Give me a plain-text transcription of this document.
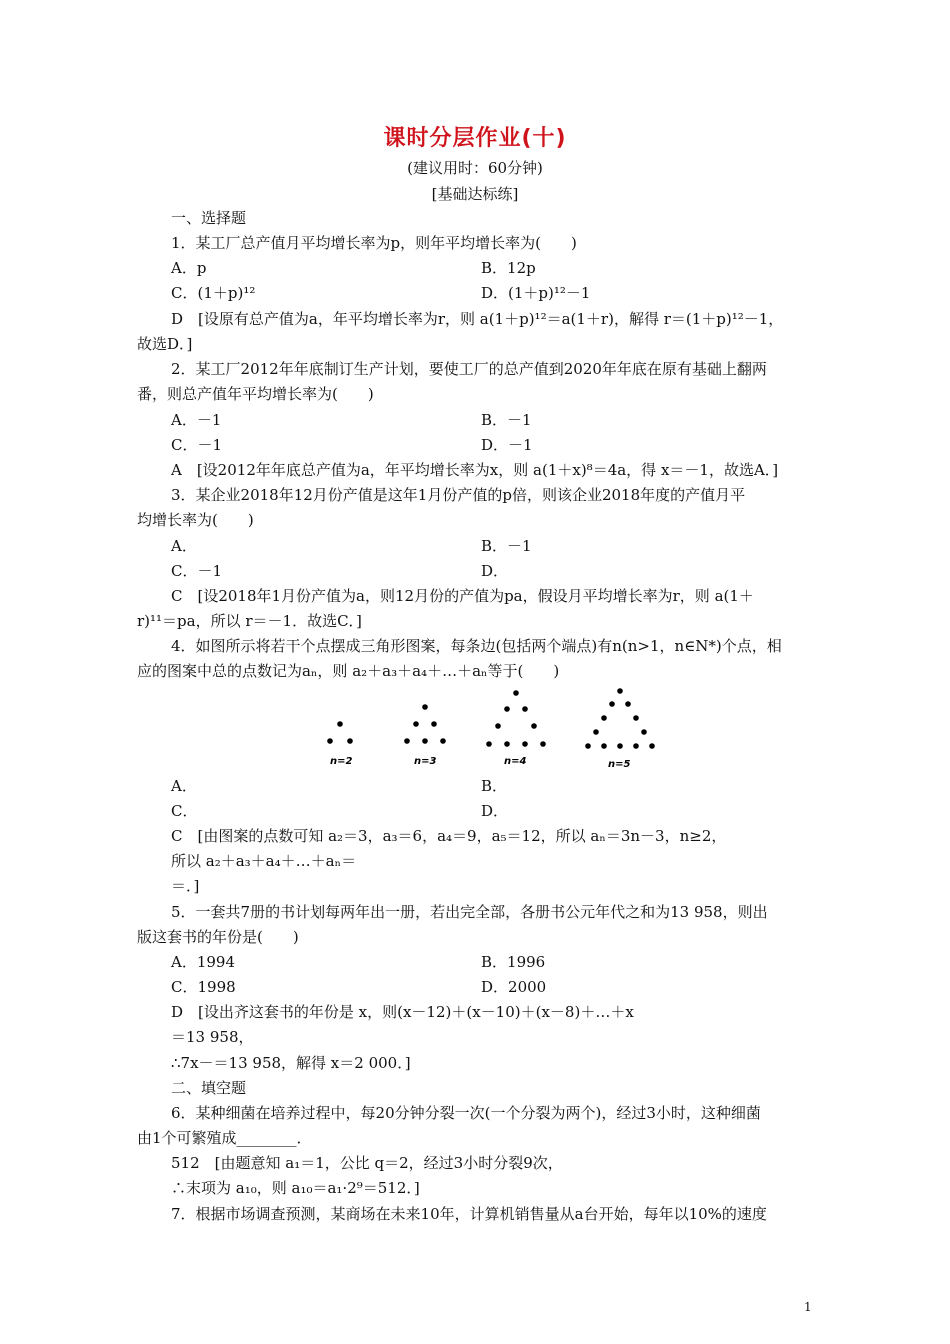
课时分层作业(十)
(建议用时：60分钟)
[基础达标练]
一、选择题
1．某工厂总产值月平均增长率为p，则年平均增长率为(　　)
A．p	B．12p
C．(1＋p)¹²	D．(1＋p)¹²－1
D　[设原有总产值为a，年平均增长率为r，则 a(1＋p)¹²＝a(1＋r)，解得 r＝(1＋p)¹²－1，
故选D．]
2．某工厂2012年年底制订生产计划，要使工厂的总产值到2020年年底在原有基础上翻两
番，则总产值年平均增长率为(　　)
A．－1	B．－1
C．－1	D．－1
A　[设2012年年底总产值为a，年平均增长率为x，则 a(1＋x)⁸＝4a，得 x＝－1，故选A．]
3．某企业2018年12月份产值是这年1月份产值的p倍，则该企业2018年度的产值月平
均增长率为(　　)
A．	B．－1
C．－1	D．
C　[设2018年1月份产值为a，则12月份的产值为pa，假设月平均增长率为r，则 a(1＋
r)¹¹＝pa，所以 r＝－1．故选C．]
4．如图所示将若干个点摆成三角形图案，每条边(包括两个端点)有n(n>1，n∈N*)个点，相
应的图案中总的点数记为aₙ，则 a₂＋a₃＋a₄＋…＋aₙ等于(　　)
A．	B．
C．	D．
C　[由图案的点数可知 a₂＝3，a₃＝6，a₄＝9，a₅＝12，所以 aₙ＝3n－3，n≥2，
所以 a₂＋a₃＋a₄＋…＋aₙ＝
＝．]
5．一套共7册的书计划每两年出一册，若出完全部，各册书公元年代之和为13 958，则出
版这套书的年份是(　　)
A．1994	B．1996
C．1998	D．2000
D　[设出齐这套书的年份是 x，则(x－12)＋(x－10)＋(x－8)＋…＋x
＝13 958，
∴7x－＝13 958，解得 x＝2 000．]
二、填空题
6．某种细菌在培养过程中，每20分钟分裂一次(一个分裂为两个)，经过3小时，这种细菌
由1个可繁殖成________．
512　[由题意知 a₁＝1，公比 q＝2，经过3小时分裂9次，
∴末项为 a₁₀，则 a₁₀＝a₁·2⁹＝512．]
7．根据市场调查预测，某商场在未来10年，计算机销售量从a台开始，每年以10%的速度
n=2	n=3	n=4	n=5
1
